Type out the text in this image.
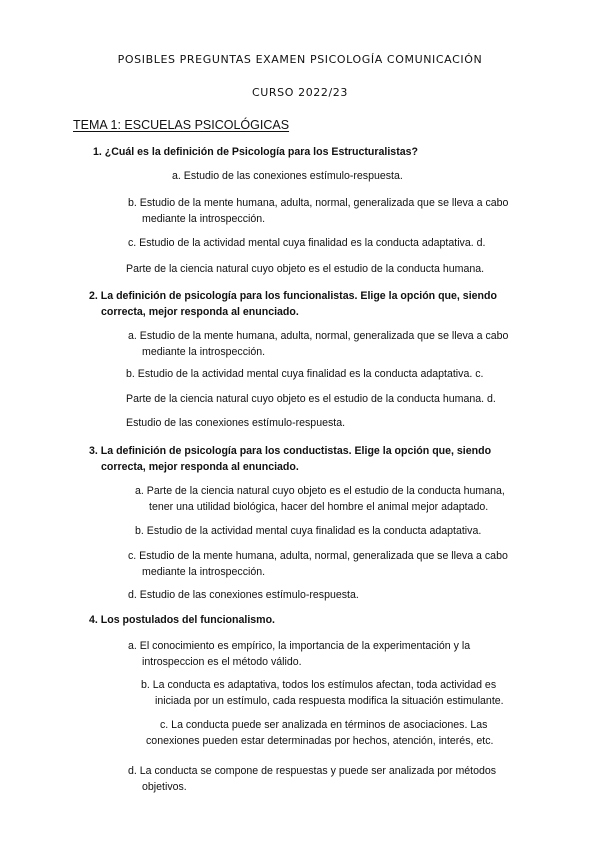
POSIBLES PREGUNTAS EXAMEN PSICOLOGÍA COMUNICACIÓN
CURSO 2022/23
TEMA 1: ESCUELAS PSICOLÓGICAS
1. ¿Cuál es la definición de Psicología para los Estructuralistas?
a. Estudio de las conexiones estímulo-respuesta.
b. Estudio de la mente humana, adulta, normal, generalizada que se lleva a cabo
mediante la introspección.
c. Estudio de la actividad mental cuya finalidad es la conducta adaptativa. d.
Parte de la ciencia natural cuyo objeto es el estudio de la conducta humana.
2. La definición de psicología para los funcionalistas. Elige la opción que, siendo
correcta, mejor responda al enunciado.
a. Estudio de la mente humana, adulta, normal, generalizada que se lleva a cabo
mediante la introspección.
b. Estudio de la actividad mental cuya finalidad es la conducta adaptativa. c.
Parte de la ciencia natural cuyo objeto es el estudio de la conducta humana. d.
Estudio de las conexiones estímulo-respuesta.
3. La definición de psicología para los conductistas. Elige la opción que, siendo
correcta, mejor responda al enunciado.
a. Parte de la ciencia natural cuyo objeto es el estudio de la conducta humana,
tener una utilidad biológica, hacer del hombre el animal mejor adaptado.
b. Estudio de la actividad mental cuya finalidad es la conducta adaptativa.
c. Estudio de la mente humana, adulta, normal, generalizada que se lleva a cabo
mediante la introspección.
d. Estudio de las conexiones estímulo-respuesta.
4. Los postulados del funcionalismo.
a. El conocimiento es empírico, la importancia de la experimentación y la
introspeccion es el método válido.
b. La conducta es adaptativa, todos los estímulos afectan, toda actividad es
iniciada por un estímulo, cada respuesta modifica la situación estimulante.
c. La conducta puede ser analizada en términos de asociaciones. Las
conexiones pueden estar determinadas por hechos, atención, interés, etc.
d. La conducta se compone de respuestas y puede ser analizada por métodos
objetivos.
